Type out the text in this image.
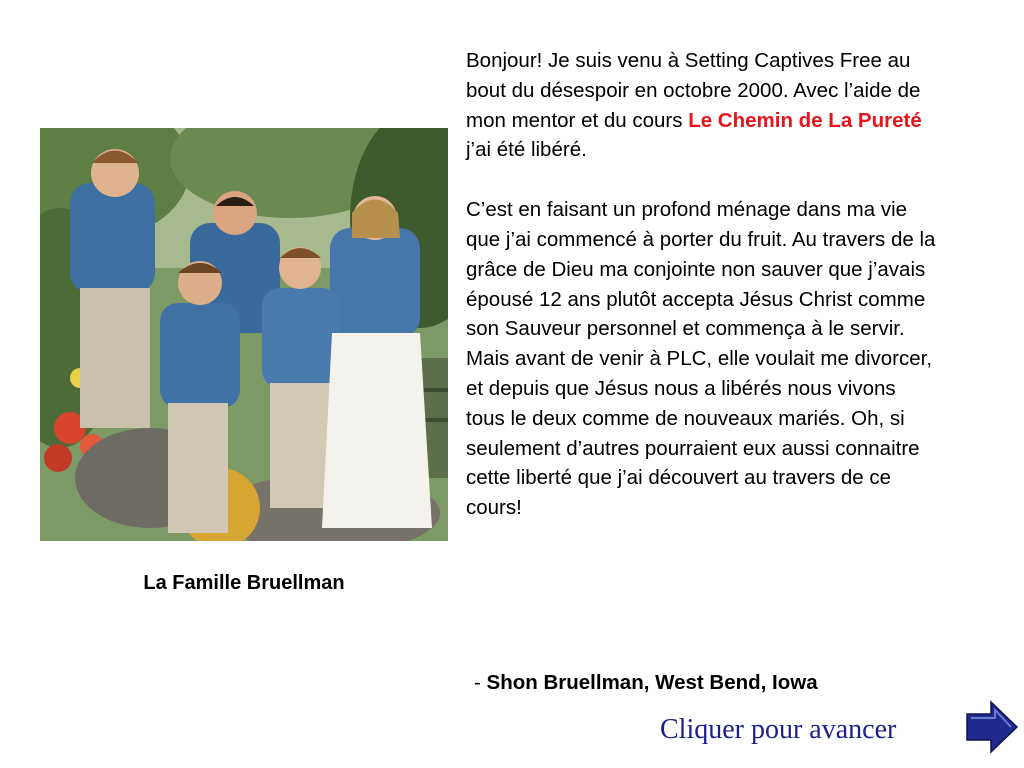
La Famille Bruellman

Bonjour! Je suis venu à Setting Captives Free au bout du désespoir en octobre 2000. Avec l’aide de mon mentor et du cours Le Chemin de La Pureté j’ai été libéré.

C’est en faisant un profond ménage dans ma vie que j’ai commencé à porter du fruit. Au travers de la grâce de Dieu ma conjointe non sauver que j’avais épousé 12 ans plutôt accepta Jésus Christ comme son Sauveur personnel et commença à le servir. Mais avant de venir à PLC, elle voulait me divorcer, et depuis que Jésus nous a libérés nous vivons tous le deux comme de nouveaux mariés. Oh, si seulement d’autres pourraient eux aussi connaitre cette liberté que j’ai découvert au travers de ce cours!

- Shon Bruellman, West Bend, Iowa
Cliquer pour avancer
